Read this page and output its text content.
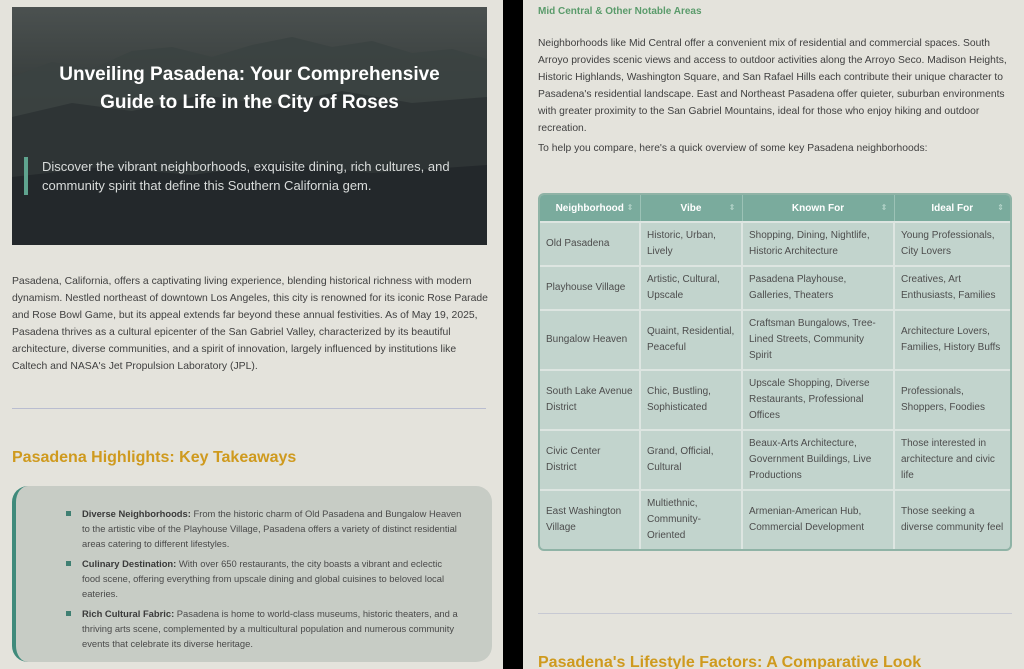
Unveiling Pasadena: Your Comprehensive Guide to Life in the City of Roses
Discover the vibrant neighborhoods, exquisite dining, rich cultures, and community spirit that define this Southern California gem.

Pasadena, California, offers a captivating living experience, blending historical richness with modern dynamism. Nestled northeast of downtown Los Angeles, this city is renowned for its iconic Rose Parade and Rose Bowl Game, but its appeal extends far beyond these annual festivities. As of May 19, 2025, Pasadena thrives as a cultural epicenter of the San Gabriel Valley, characterized by its beautiful architecture, diverse communities, and a spirit of innovation, largely influenced by institutions like Caltech and NASA's Jet Propulsion Laboratory (JPL).

Pasadena Highlights: Key Takeaways
Diverse Neighborhoods: From the historic charm of Old Pasadena and Bungalow Heaven to the artistic vibe of the Playhouse Village, Pasadena offers a variety of distinct residential areas catering to different lifestyles.
Culinary Destination: With over 650 restaurants, the city boasts a vibrant and eclectic food scene, offering everything from upscale dining and global cuisines to beloved local eateries.
Rich Cultural Fabric: Pasadena is home to world-class museums, historic theaters, and a thriving arts scene, complemented by a multicultural population and numerous community events that celebrate its diverse heritage.
Mid Central & Other Notable Areas

Neighborhoods like Mid Central offer a convenient mix of residential and commercial spaces. South Arroyo provides scenic views and access to outdoor activities along the Arroyo Seco. Madison Heights, Historic Highlands, Washington Square, and San Rafael Hills each contribute their unique character to Pasadena's residential landscape. East and Northeast Pasadena offer quieter, suburban environments with greater proximity to the San Gabriel Mountains, ideal for those who enjoy hiking and outdoor recreation.

To help you compare, here's a quick overview of some key Pasadena neighborhoods:

Neighborhood ⇕	Vibe ⇕	Known For ⇕	Ideal For ⇕

Old Pasadena	Historic, Urban, Lively	Shopping, Dining, Nightlife, Historic Architecture	Young Professionals, City Lovers
Playhouse Village	Artistic, Cultural, Upscale	Pasadena Playhouse, Galleries, Theaters	Creatives, Art Enthusiasts, Families
Bungalow Heaven	Quaint, Residential, Peaceful	Craftsman Bungalows, Tree-Lined Streets, Community Spirit	Architecture Lovers, Families, History Buffs
South Lake Avenue District	Chic, Bustling, Sophisticated	Upscale Shopping, Diverse Restaurants, Professional Offices	Professionals, Shoppers, Foodies
Civic Center District	Grand, Official, Cultural	Beaux-Arts Architecture, Government Buildings, Live Productions	Those interested in architecture and civic life
East Washington Village	Multiethnic, Community-Oriented	Armenian-American Hub, Commercial Development	Those seeking a diverse community feel
Pasadena's Lifestyle Factors: A Comparative Look
